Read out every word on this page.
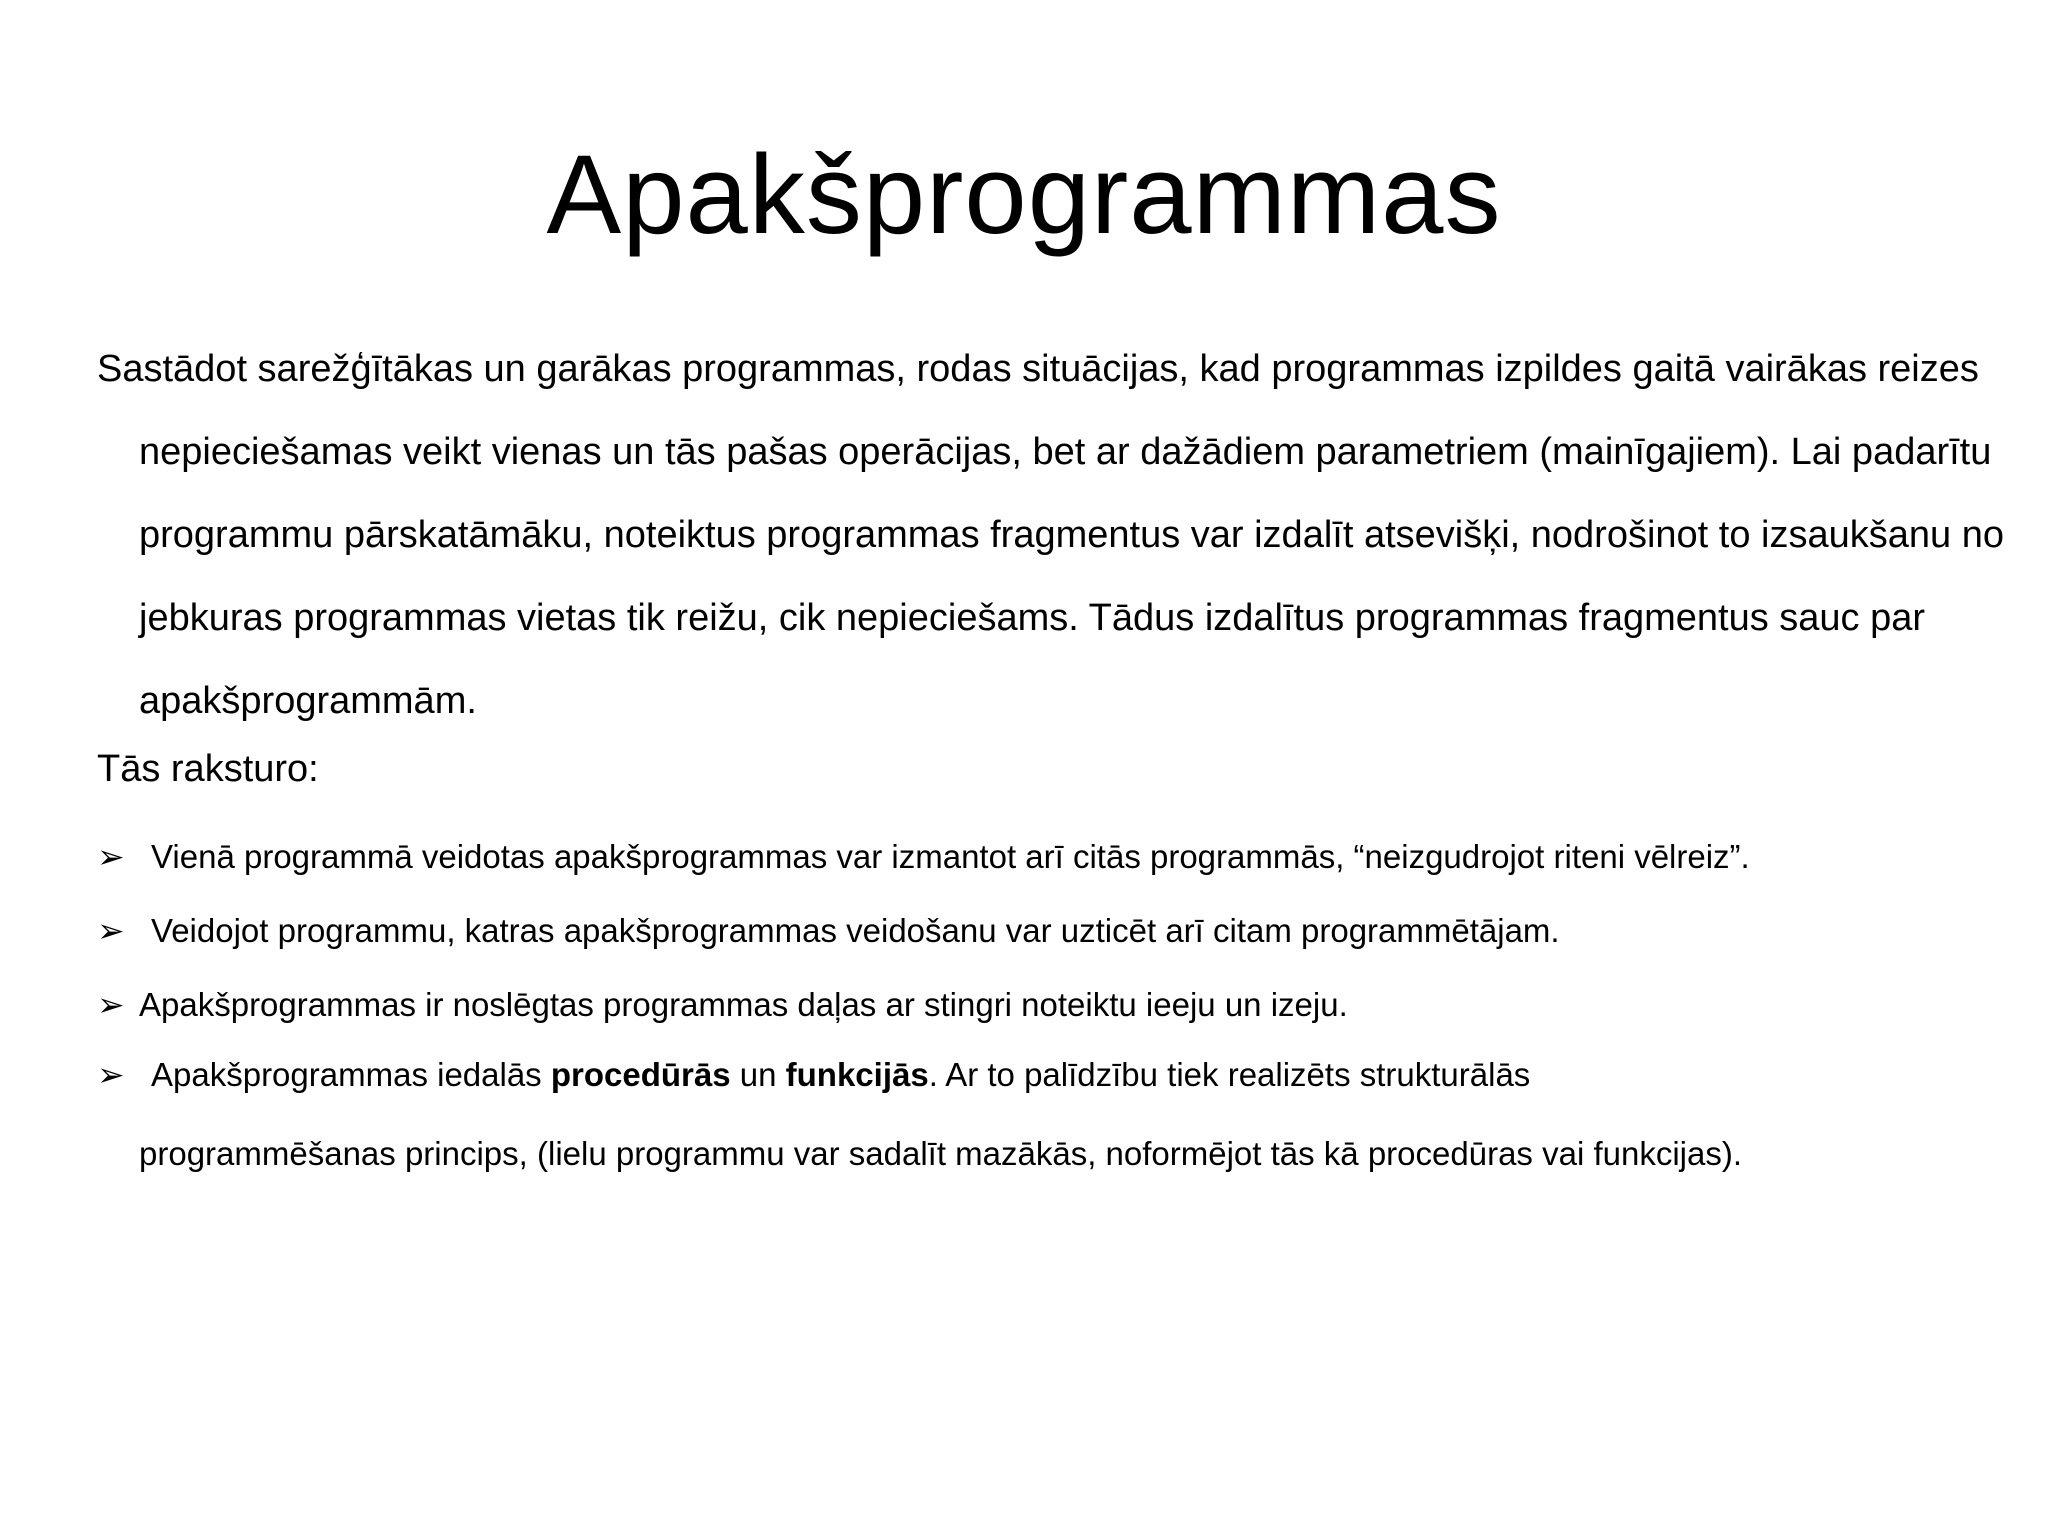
Apakšprogrammas
Sastādot sarežģītākas un garākas programmas, rodas situācijas, kad programmas izpildes gaitā vairākas reizes nepieciešamas veikt vienas un tās pašas operācijas, bet ar dažādiem parametriem (mainīgajiem). Lai padarītu programmu pārskatāmāku, noteiktus programmas fragmentus var izdalīt atsevišķi, nodrošinot to izsaukšanu no jebkuras programmas vietas tik reižu, cik nepieciešams. Tādus izdalītus programmas fragmentus sauc par apakšprogrammām.
Tās raksturo:
➢ Vienā programmā veidotas apakšprogrammas var izmantot arī citās programmās, “neizgudrojot riteni vēlreiz”.
➢ Veidojot programmu, katras apakšprogrammas veidošanu var uzticēt arī citam programmētājam.
➢ Apakšprogrammas ir noslēgtas programmas daļas ar stingri noteiktu ieeju un izeju.
➢ Apakšprogrammas iedalās procedūrās un funkcijās. Ar to palīdzību tiek realizēts strukturālās
programmēšanas princips, (lielu programmu var sadalīt mazākās, noformējot tās kā procedūras vai funkcijas).
